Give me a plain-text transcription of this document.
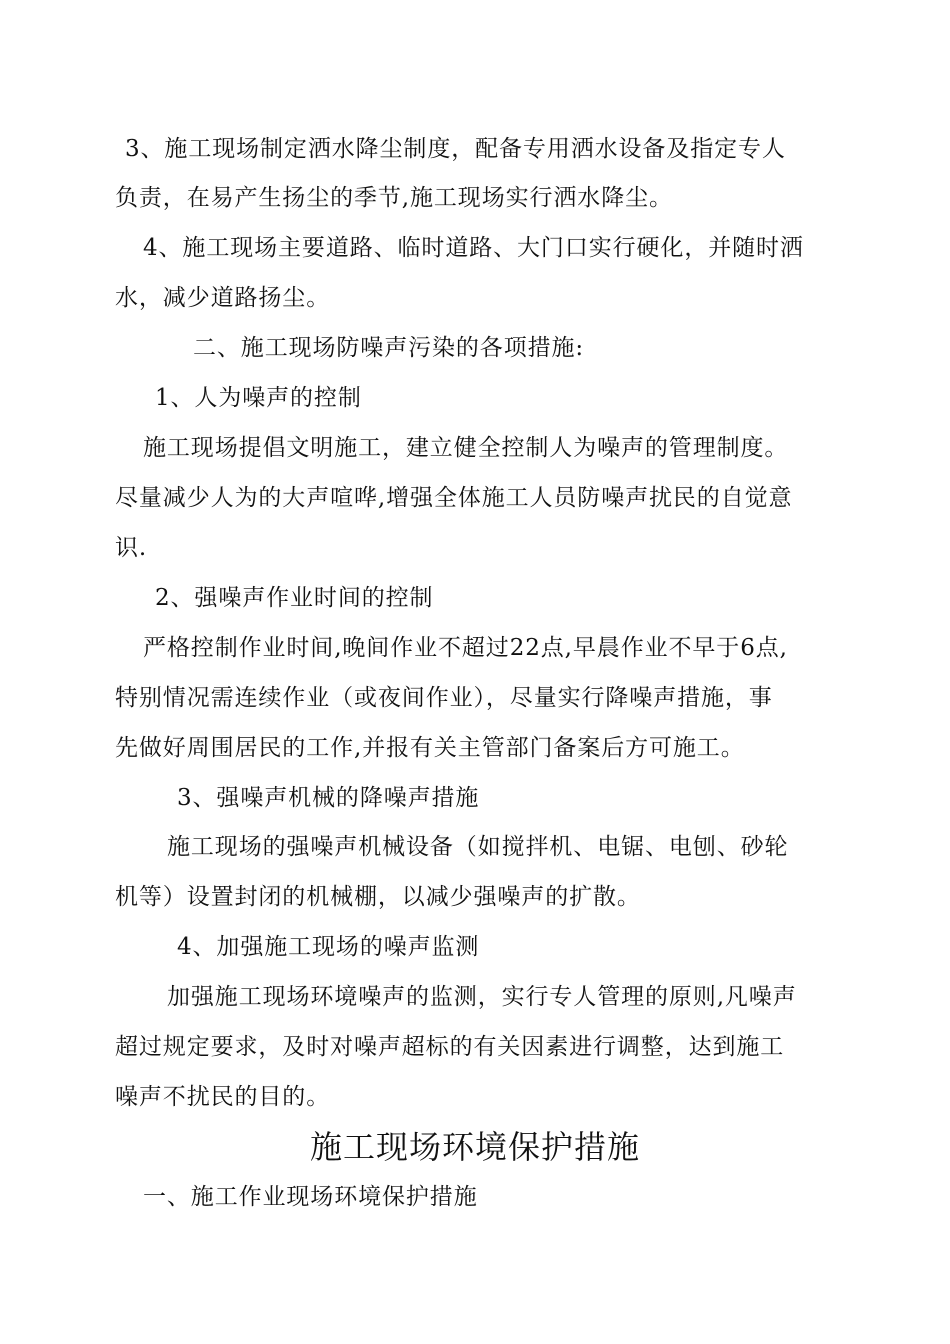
3、施工现场制定洒水降尘制度，配备专用洒水设备及指定专人
负责，在易产生扬尘的季节,施工现场实行洒水降尘。
4、施工现场主要道路、临时道路、大门口实行硬化，并随时洒
水，减少道路扬尘。
二、施工现场防噪声污染的各项措施:
1、人为噪声的控制
施工现场提倡文明施工，建立健全控制人为噪声的管理制度。
尽量减少人为的大声喧哗,增强全体施工人员防噪声扰民的自觉意
识.
2、强噪声作业时间的控制
严格控制作业时间,晚间作业不超过22点,早晨作业不早于6点,
特别情况需连续作业（或夜间作业），尽量实行降噪声措施，事
先做好周围居民的工作,并报有关主管部门备案后方可施工。
3、强噪声机械的降噪声措施
施工现场的强噪声机械设备（如搅拌机、电锯、电刨、砂轮
机等）设置封闭的机械棚，以减少强噪声的扩散。
4、加强施工现场的噪声监测
加强施工现场环境噪声的监测，实行专人管理的原则,凡噪声
超过规定要求，及时对噪声超标的有关因素进行调整，达到施工
噪声不扰民的目的。
施工现场环境保护措施
一、施工作业现场环境保护措施
